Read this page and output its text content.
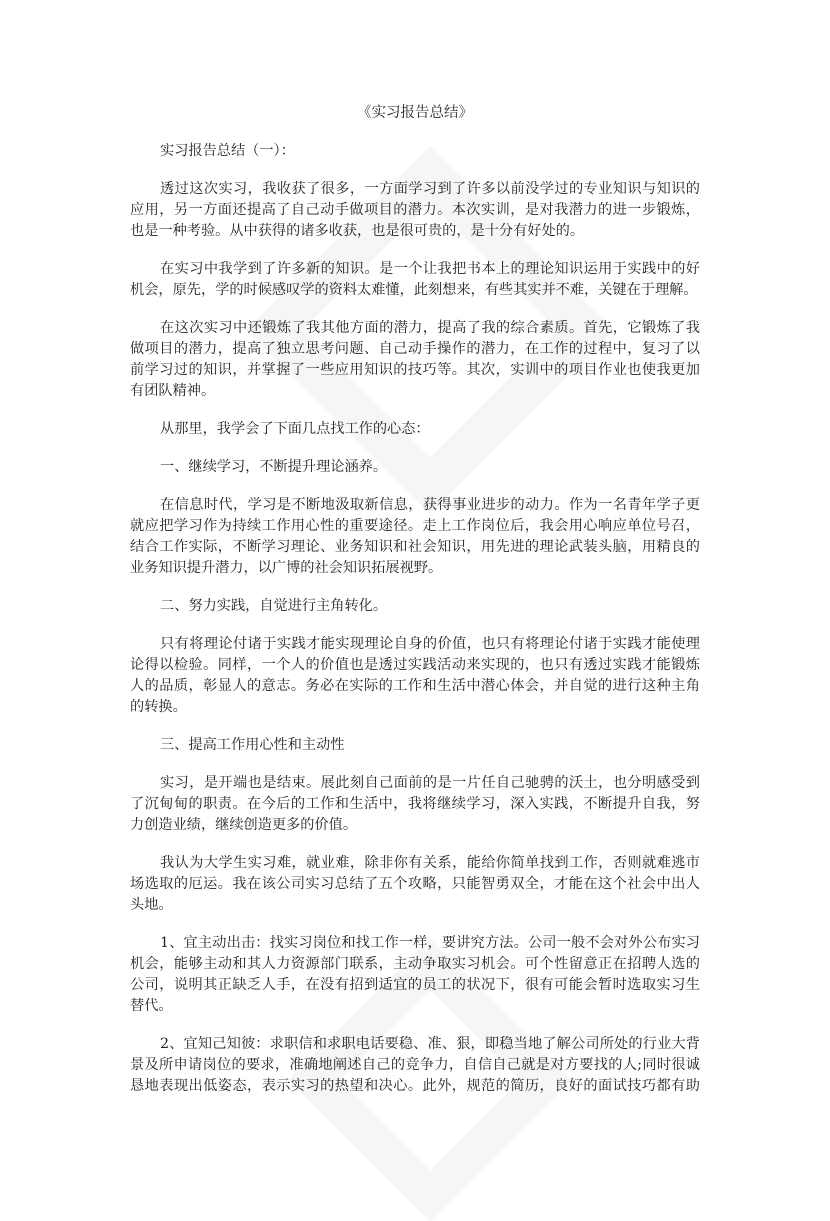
《实习报告总结》
实习报告总结（一）：
透过这次实习，我收获了很多，一方面学习到了许多以前没学过的专业知识与知识的
应用，另一方面还提高了自己动手做项目的潜力。本次实训，是对我潜力的进一步锻炼，
也是一种考验。从中获得的诸多收获，也是很可贵的，是十分有好处的。
在实习中我学到了许多新的知识。是一个让我把书本上的理论知识运用于实践中的好
机会，原先，学的时候感叹学的资料太难懂，此刻想来，有些其实并不难，关键在于理解。
在这次实习中还锻炼了我其他方面的潜力，提高了我的综合素质。首先，它锻炼了我
做项目的潜力，提高了独立思考问题、自己动手操作的潜力，在工作的过程中，复习了以
前学习过的知识，并掌握了一些应用知识的技巧等。其次，实训中的项目作业也使我更加
有团队精神。
从那里，我学会了下面几点找工作的心态：
一、继续学习，不断提升理论涵养。
在信息时代，学习是不断地汲取新信息，获得事业进步的动力。作为一名青年学子更
就应把学习作为持续工作用心性的重要途径。走上工作岗位后，我会用心响应单位号召，
结合工作实际，不断学习理论、业务知识和社会知识，用先进的理论武装头脑，用精良的
业务知识提升潜力，以广博的社会知识拓展视野。
二、努力实践，自觉进行主角转化。
只有将理论付诸于实践才能实现理论自身的价值，也只有将理论付诸于实践才能使理
论得以检验。同样，一个人的价值也是透过实践活动来实现的，也只有透过实践才能锻炼
人的品质，彰显人的意志。务必在实际的工作和生活中潜心体会，并自觉的进行这种主角
的转换。
三、提高工作用心性和主动性
实习，是开端也是结束。展此刻自己面前的是一片任自己驰骋的沃土，也分明感受到
了沉甸甸的职责。在今后的工作和生活中，我将继续学习，深入实践，不断提升自我，努
力创造业绩，继续创造更多的价值。
我认为大学生实习难，就业难，除非你有关系，能给你简单找到工作，否则就难逃市
场选取的厄运。我在该公司实习总结了五个攻略，只能智勇双全，才能在这个社会中出人
头地。
1、宜主动出击：找实习岗位和找工作一样，要讲究方法。公司一般不会对外公布实习
机会，能够主动和其人力资源部门联系，主动争取实习机会。可个性留意正在招聘人选的
公司，说明其正缺乏人手，在没有招到适宜的员工的状况下，很有可能会暂时选取实习生
替代。
2、宜知己知彼：求职信和求职电话要稳、准、狠，即稳当地了解公司所处的行业大背
景及所申请岗位的要求，准确地阐述自己的竞争力，自信自己就是对方要找的人;同时很诚
恳地表现出低姿态，表示实习的热望和决心。此外，规范的简历，良好的面试技巧都有助
